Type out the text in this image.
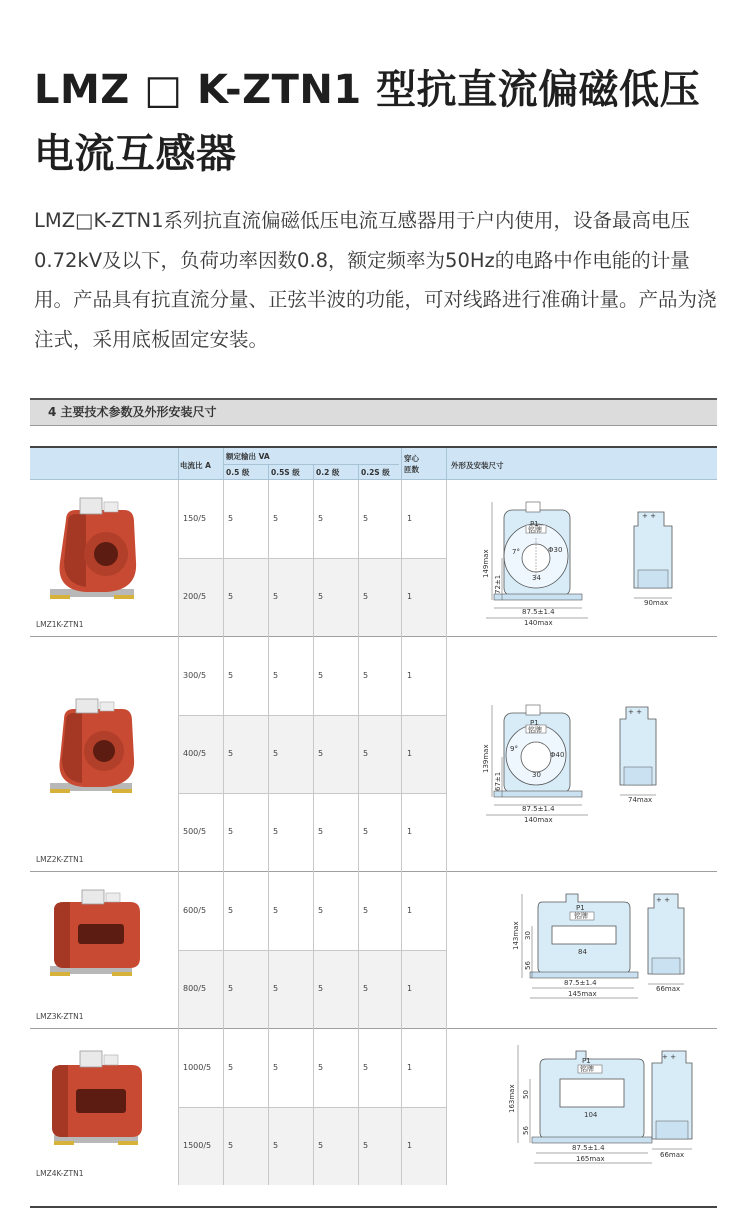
LMZ □ K-ZTN1 型抗直流偏磁低压电流互感器
LMZ□K-ZTN1系列抗直流偏磁低压电流互感器用于户内使用，设备最高电压0.72kV及以下，负荷功率因数0.8，额定频率为50Hz的电路中作电能的计量用。产品具有抗直流分量、正弦半波的功能，可对线路进行准确计量。产品为浇注式，采用底板固定安装。
4 主要技术参数及外形安装尺寸
电流比 A
额定输出 VA
0.5 级	0.5S 级 0.2 级	0.2S 级
穿心
匝数	外形及安装尺寸
150/5	5	5	5	5	1
200/5	5	5	5	5	1
LMZ1K-ZTN1
P1
铭牌
Φ30
34
7°
87.5±1.4
140max
149max
72±1
+ +
90max
300/5	5	5	5	5	1
400/5	5	5	5	5	1
500/5	5	5	5	5	1
LMZ2K-ZTN1
P1
铭牌
Φ40
30
9°
87.5±1.4
140max
139max
67±1
+ +
74max
600/5	5	5	5	5	1
800/5	5	5	5	5	1
LMZ3K-ZTN1
P1
铭牌
84
87.5±1.4
145max
143max 30
56
+ +
66max
1000/5 5	5	5	5	1
1500/5 5	5	5	5	1
LMZ4K-ZTN1
P1
铭牌
104
87.5±1.4
165max
163max 50
56
+ +
66max
